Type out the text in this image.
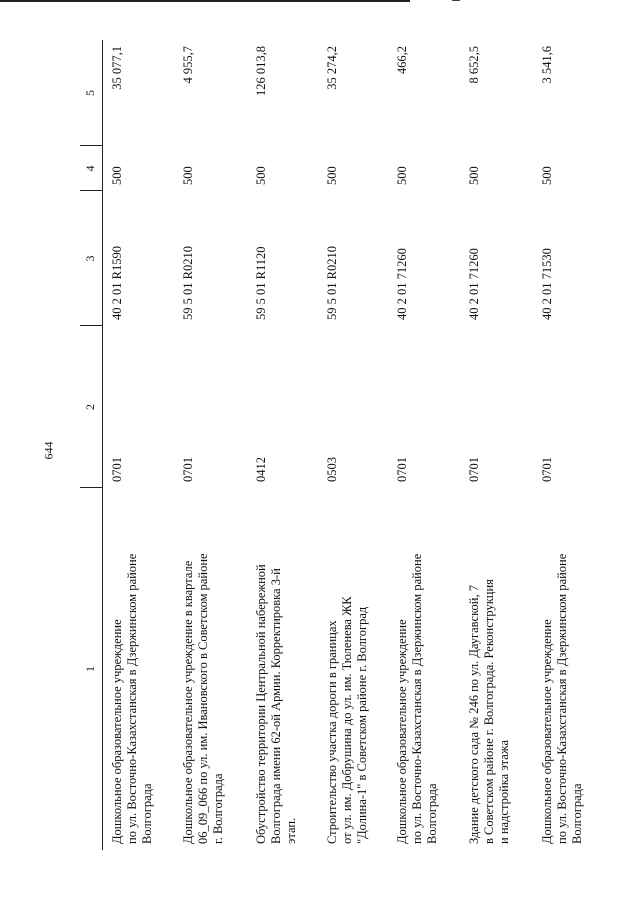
644
1
2
3
4
5
Дошкольное образовательное учреждение
по ул. Восточно-Казахстанская в Дзержинском районе
Волгограда
0701
40 2 01 R1590
500
35 077,1
Дошкольное образовательное учреждение в квартале
06_09_066 по ул. им. Ивановского в Советском районе
г. Волгограда
0701
59 5 01 R0210
500
4 955,7
Обустройство территории Центральной набережной
Волгограда имени 62-ой Армии. Корректировка 3-й
этап.
0412
59 5 01 R1120
500
126 013,8
Строительство участка дороги в границах
от ул. им. Добрушина до ул. им. Тюленева ЖК
"Долина-1" в Советском районе г. Волгоград
0503
59 5 01 R0210
500
35 274,2
Дошкольное образовательное учреждение
по ул. Восточно-Казахстанская в Дзержинском районе
Волгограда
0701
40 2 01 71260
500
466,2
Здание детского сада № 246 по ул. Даугавской, 7
в Советском районе г. Волгограда. Реконструкция
и надстройка этажа
0701
40 2 01 71260
500
8 652,5
Дошкольное образовательное учреждение
по ул. Восточно-Казахстанская в Дзержинском районе
Волгограда
0701
40 2 01 71530
500
3 541,6
